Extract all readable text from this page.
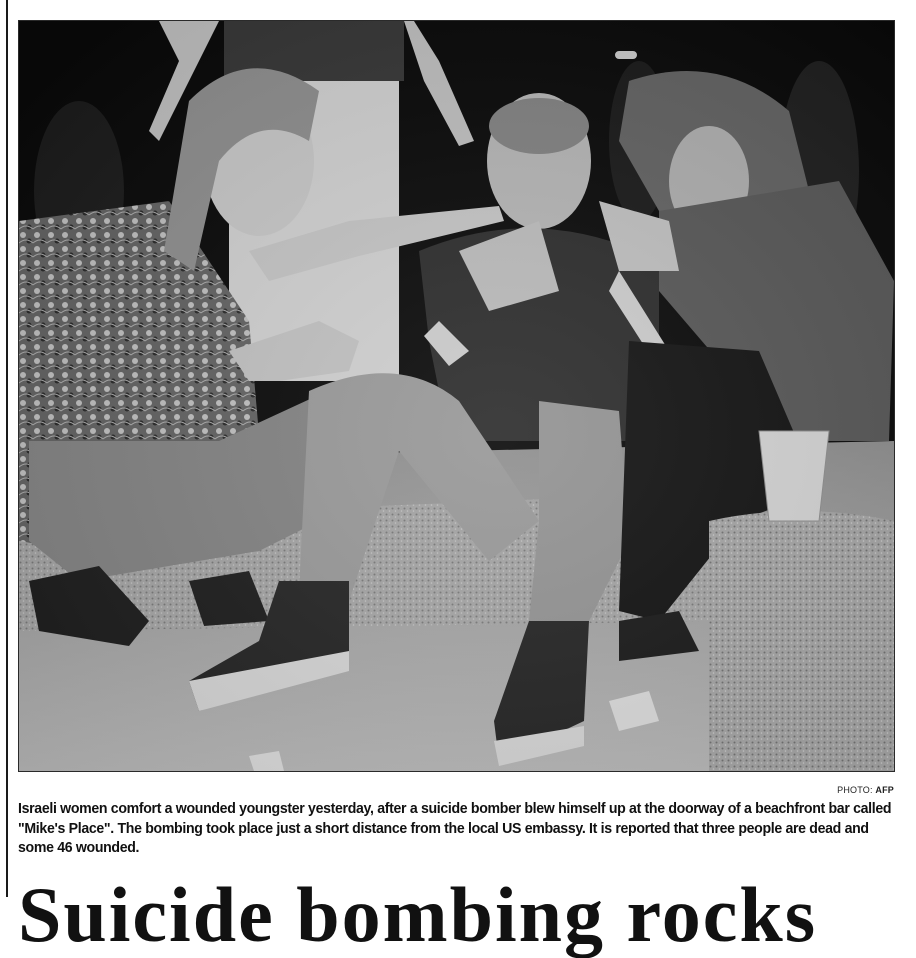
PHOTO: AFP
Israeli women comfort a wounded youngster yesterday, after a suicide bomber blew himself up at the doorway of a beachfront bar called "Mike's Place". The bombing took place just a short distance from the local US embassy. It is reported that three people are dead and some 46 wounded.
Suicide bombing rocks
